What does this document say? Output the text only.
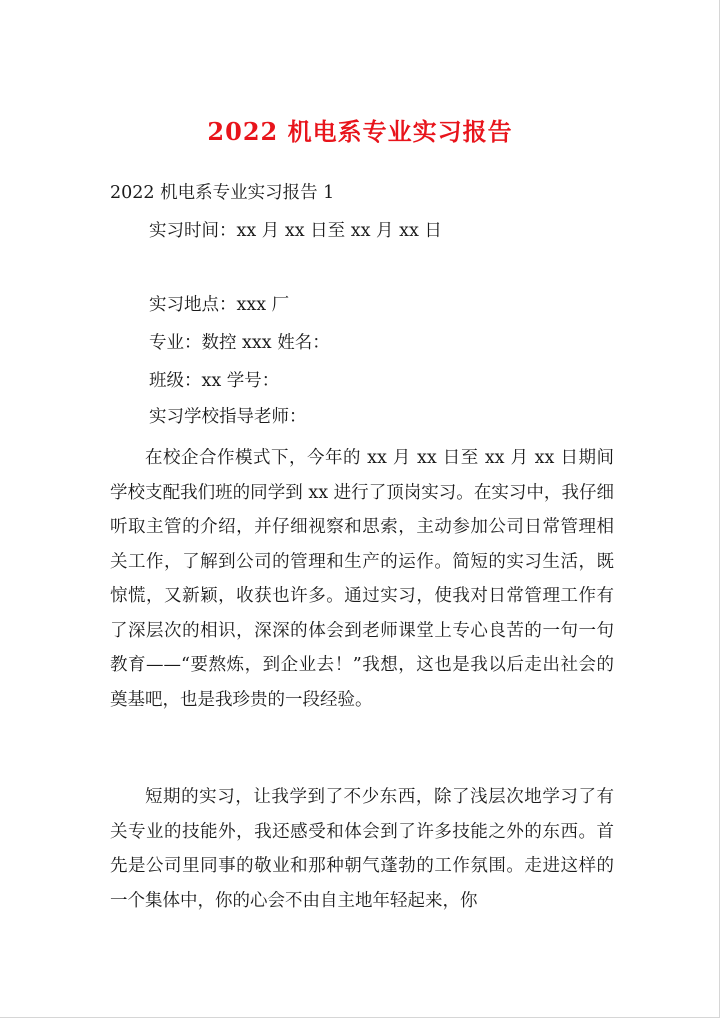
2022 机电系专业实习报告
2022 机电系专业实习报告 1
实习时间：xx 月 xx 日至 xx 月 xx 日
实习地点：xxx 厂
专业：数控 xxx 姓名：
班级：xx 学号：
实习学校指导老师：
在校企合作模式下，今年的 xx 月 xx 日至 xx 月 xx 日期间学校支配我们班的同学到 xx 进行了顶岗实习。在实习中，我仔细听取主管的介绍，并仔细视察和思索，主动参加公司日常管理相关工作，了解到公司的管理和生产的运作。简短的实习生活，既惊慌，又新颖，收获也许多。通过实习，使我对日常管理工作有了深层次的相识，深深的体会到老师课堂上专心良苦的一句一句教育——“要熬炼，到企业去！”我想，这也是我以后走出社会的奠基吧，也是我珍贵的一段经验。
短期的实习，让我学到了不少东西，除了浅层次地学习了有关专业的技能外，我还感受和体会到了许多技能之外的东西。首先是公司里同事的敬业和那种朝气蓬勃的工作氛围。走进这样的一个集体中，你的心会不由自主地年轻起来，你
